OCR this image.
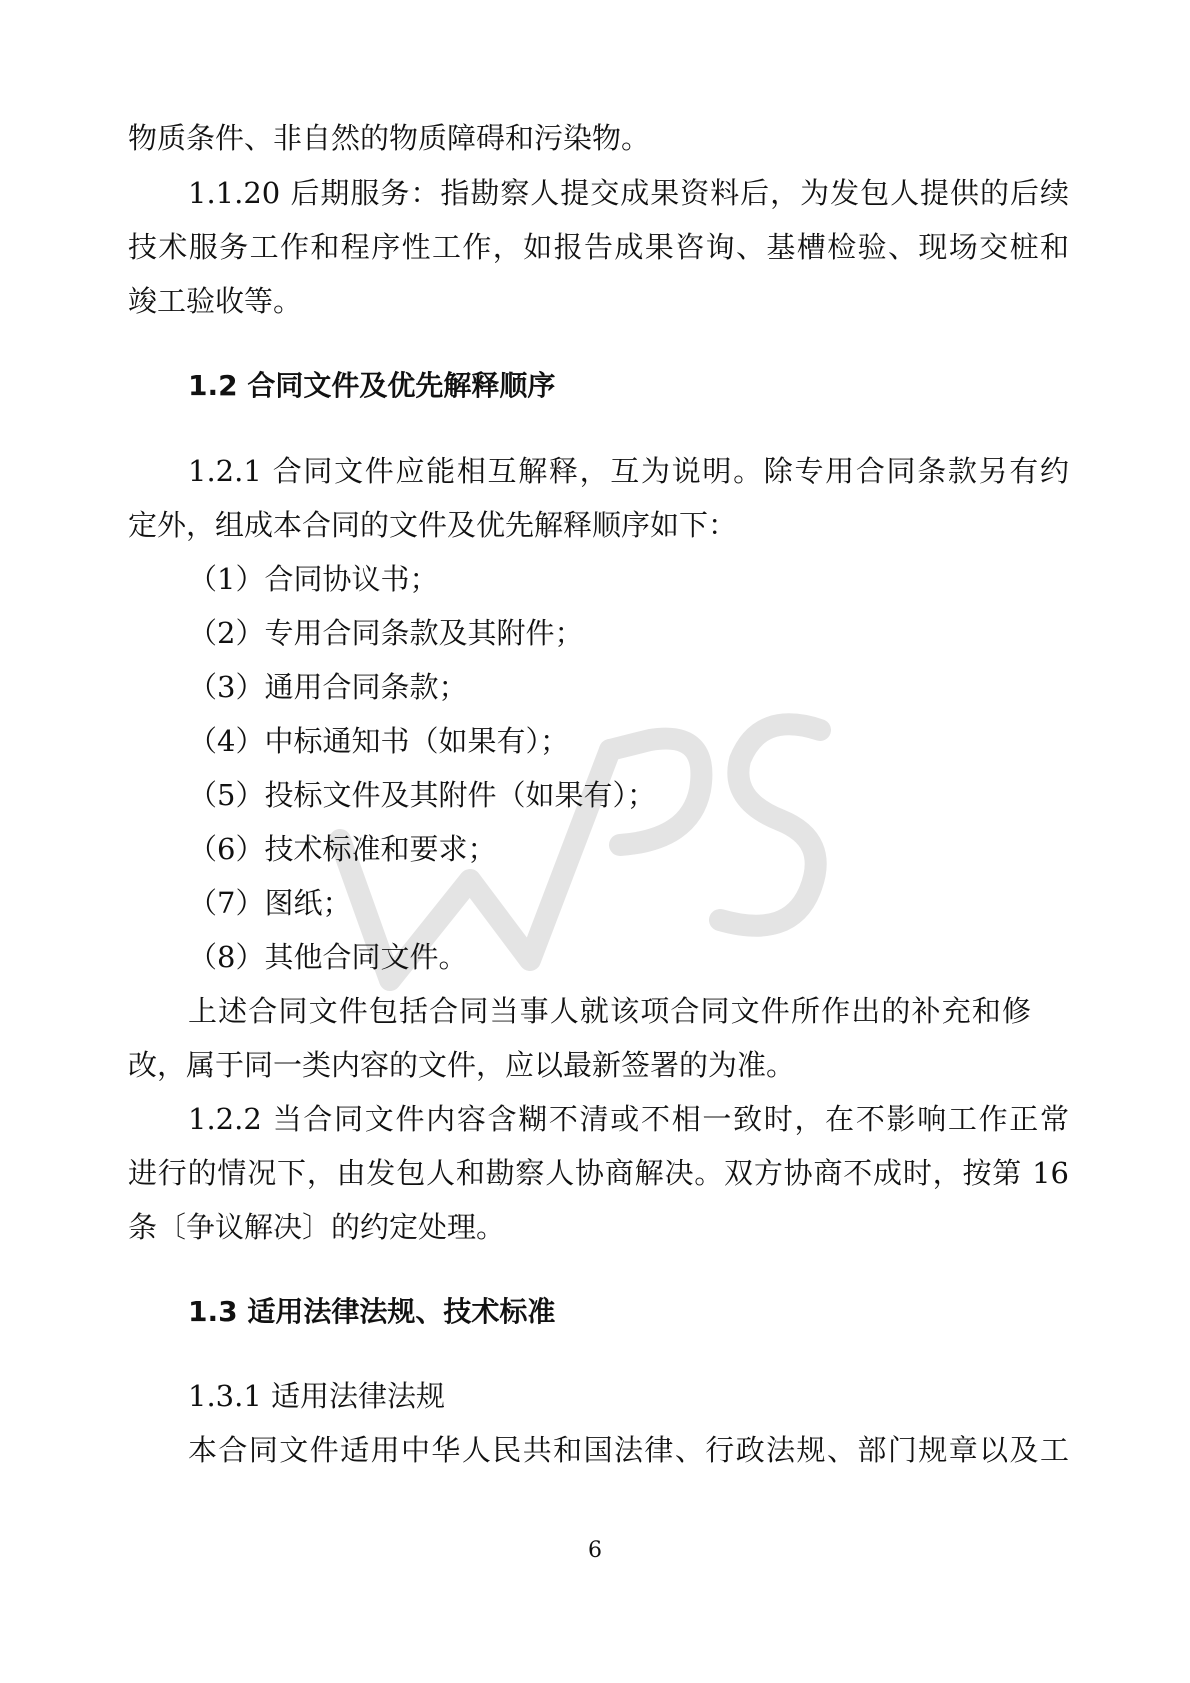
物质条件、非自然的物质障碍和污染物。
1.1.20 后期服务：指勘察人提交成果资料后，为发包人提供的后续
技术服务工作和程序性工作，如报告成果咨询、基槽检验、现场交桩和
竣工验收等。
1.2 合同文件及优先解释顺序
1.2.1 合同文件应能相互解释，互为说明。除专用合同条款另有约
定外，组成本合同的文件及优先解释顺序如下：
（1）合同协议书；
（2）专用合同条款及其附件；
（3）通用合同条款；
（4）中标通知书（如果有）；
（5）投标文件及其附件（如果有）；
（6）技术标准和要求；
（7）图纸；
（8）其他合同文件。
上述合同文件包括合同当事人就该项合同文件所作出的补充和修
改，属于同一类内容的文件，应以最新签署的为准。
1.2.2 当合同文件内容含糊不清或不相一致时，在不影响工作正常
进行的情况下，由发包人和勘察人协商解决。双方协商不成时，按第 16
条〔争议解决〕的约定处理。
1.3 适用法律法规、技术标准
1.3.1 适用法律法规
本合同文件适用中华人民共和国法律、行政法规、部门规章以及工
6
